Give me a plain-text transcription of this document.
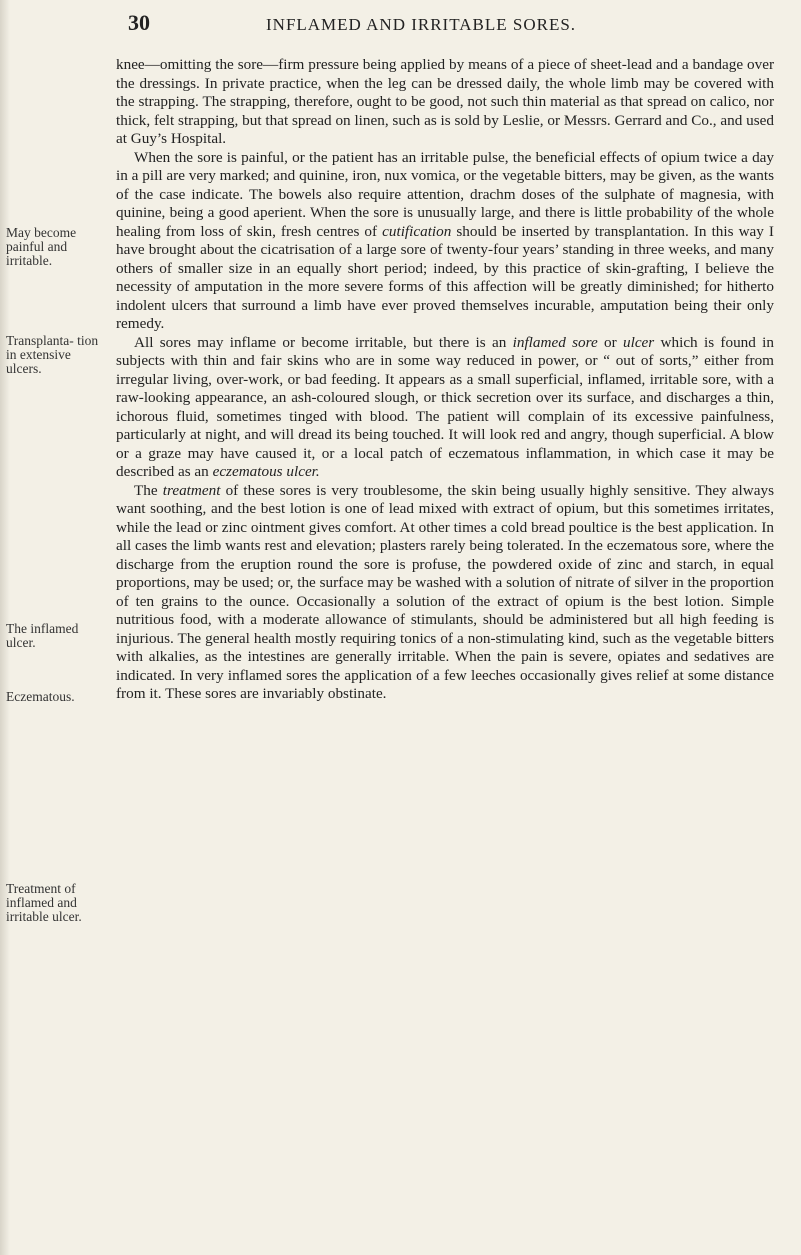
30	INFLAMED AND IRRITABLE SORES.
May become painful and irritable.
Transplanta- tion in extensive ulcers.
The inflamed ulcer.
Eczematous.
Treatment of inflamed and irritable ulcer.

knee—omitting the sore—firm pressure being applied by means of a piece of sheet-lead and a bandage over the dressings. In private practice, when the leg can be dressed daily, the whole limb may be covered with the strapping. The strapping, therefore, ought to be good, not such thin material as that spread on calico, nor thick, felt strapping, but that spread on linen, such as is sold by Leslie, or Messrs. Gerrard and Co., and used at Guy’s Hospital.

When the sore is painful, or the patient has an irritable pulse, the beneficial effects of opium twice a day in a pill are very marked; and quinine, iron, nux vomica, or the vegetable bitters, may be given, as the wants of the case indicate. The bowels also require attention, drachm doses of the sulphate of magnesia, with quinine, being a good aperient. When the sore is unusually large, and there is little probability of the whole healing from loss of skin, fresh centres of cutification should be inserted by transplantation. In this way I have brought about the cicatrisation of a large sore of twenty-four years’ standing in three weeks, and many others of smaller size in an equally short period; indeed, by this practice of skin-grafting, I believe the necessity of amputation in the more severe forms of this affection will be greatly diminished; for hitherto indolent ulcers that surround a limb have ever proved themselves incurable, amputation being their only remedy.

All sores may inflame or become irritable, but there is an inflamed sore or ulcer which is found in subjects with thin and fair skins who are in some way reduced in power, or “ out of sorts,” either from irregular living, over-work, or bad feeding. It appears as a small superficial, inflamed, irritable sore, with a raw-looking appearance, an ash-coloured slough, or thick secretion over its surface, and discharges a thin, ichorous fluid, sometimes tinged with blood. The patient will complain of its excessive painfulness, particularly at night, and will dread its being touched. It will look red and angry, though superficial. A blow or a graze may have caused it, or a local patch of eczematous inflammation, in which case it may be described as an eczematous ulcer.

The treatment of these sores is very troublesome, the skin being usually highly sensitive. They always want soothing, and the best lotion is one of lead mixed with extract of opium, but this sometimes irritates, while the lead or zinc ointment gives comfort. At other times a cold bread poultice is the best application. In all cases the limb wants rest and elevation; plasters rarely being tolerated. In the eczematous sore, where the discharge from the eruption round the sore is profuse, the powdered oxide of zinc and starch, in equal proportions, may be used; or, the surface may be washed with a solution of nitrate of silver in the proportion of ten grains to the ounce. Occasionally a solution of the extract of opium is the best lotion. Simple nutritious food, with a moderate allowance of stimulants, should be administered but all high feeding is injurious. The general health mostly requiring tonics of a non-stimulating kind, such as the vegetable bitters with alkalies, as the intestines are generally irritable. When the pain is severe, opiates and sedatives are indicated. In very inflamed sores the application of a few leeches occasionally gives relief at some distance from it. These sores are invariably obstinate.
